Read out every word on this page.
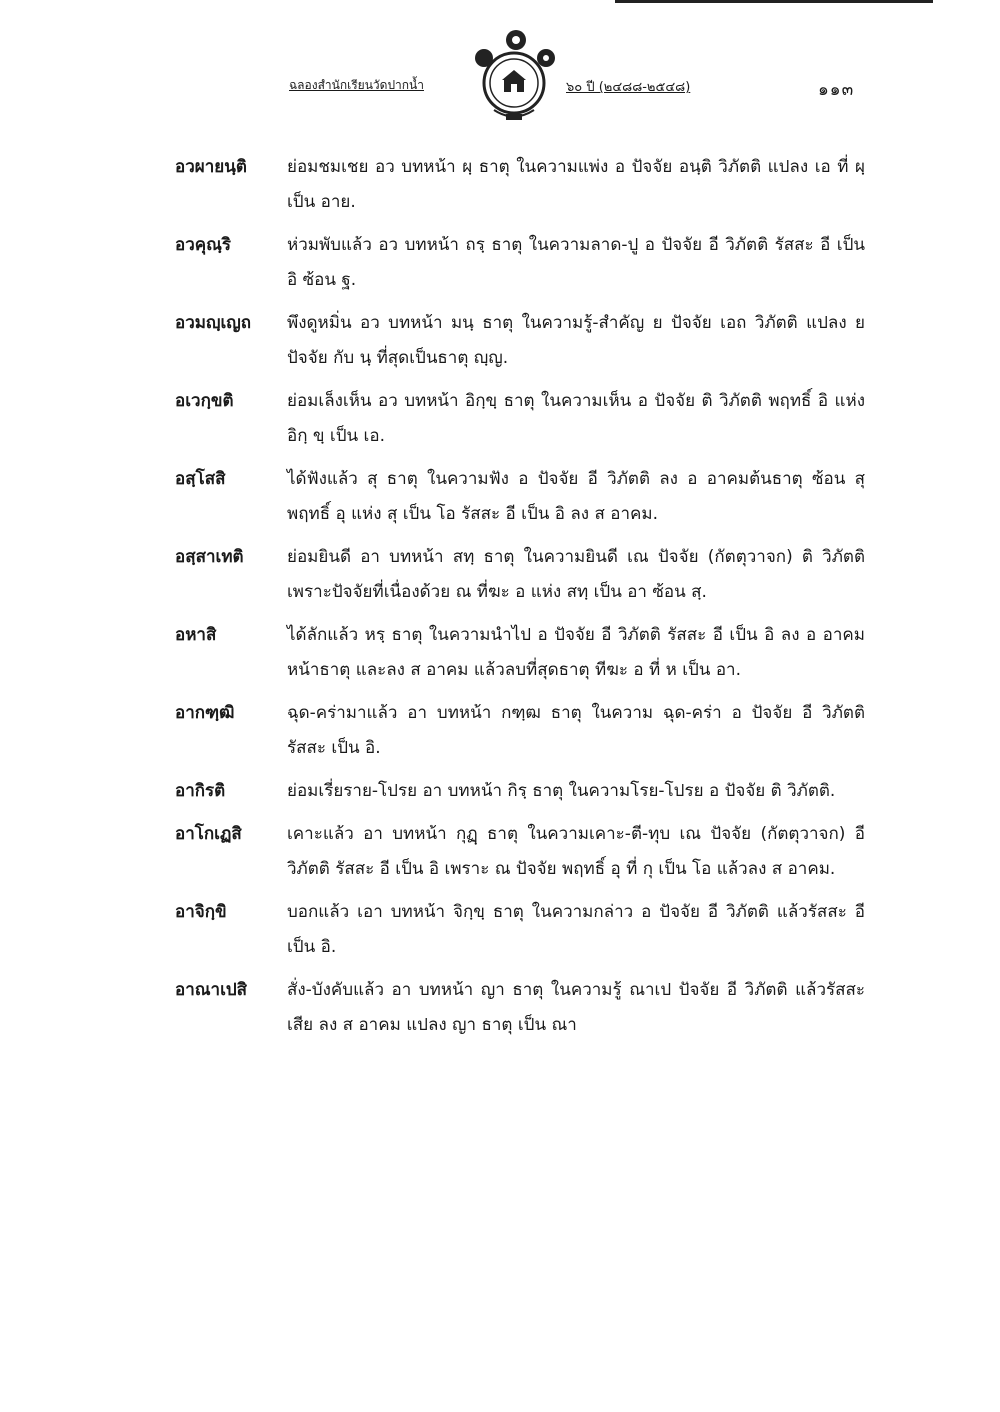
ฉลองสำนักเรียนวัดปากน้ำ	๖๐ ปี (๒๔๘๘-๒๕๔๘)	๑๑๓
อวผายนฺติ	ย่อมชมเชย อว บทหน้า ผฺ ธาตุ ในความแพ่ง อ ปัจจัย อนฺติ วิภัตติ แปลง เอ ที่ ผฺ เป็น อาย.
อวคุณฺริ	ห่วมพับแล้ว อว บทหน้า ถรฺ ธาตุ ในความลาด-ปู อ ปัจจัย อี วิภัตติ รัสสะ อี เป็น อิ ซ้อน ฐ.
อวมญฺเญถ	พึงดูหมิ่น อว บทหน้า มนฺ ธาตุ ในความรู้-สำคัญ ย ปัจจัย เอถ วิภัตติ แปลง ย ปัจจัย กับ นฺ ที่สุดเป็นธาตุ ญฺญ.
อเวกฺขติ	ย่อมเล็งเห็น อว บทหน้า อิกฺขฺ ธาตุ ในความเห็น อ ปัจจัย ติ วิภัตติ พฤทธิ์ อิ แห่ง อิกฺ ขฺ เป็น เอ.
อสฺโสสิ	ได้ฟังแล้ว สุ ธาตุ ในความฟัง อ ปัจจัย อี วิภัตติ ลง อ อาคมต้นธาตุ ซ้อน สุ พฤทธิ์ อุ แห่ง สุ เป็น โอ รัสสะ อี เป็น อิ ลง ส อาคม.
อสฺสาเทติ	ย่อมยินดี อา บทหน้า สทฺ ธาตุ ในความยินดี เณ ปัจจัย (กัตตุวาจก) ติ วิภัตติ เพราะปัจจัยที่เนื่องด้วย ณ ที่ฆะ อ แห่ง สทฺ เป็น อา ซ้อน สฺ.
อหาสิ	ได้ลักแล้ว หรฺ ธาตุ ในความนำไป อ ปัจจัย อี วิภัตติ รัสสะ อี เป็น อิ ลง อ อาคมหน้าธาตุ และลง ส อาคม แล้วลบที่สุดธาตุ ทีฆะ อ ที่ ห เป็น อา.
อากฑฺฒิ	ฉุด-คร่ามาแล้ว อา บทหน้า กฑฺฒ ธาตุ ในความ ฉุด-คร่า อ ปัจจัย อี วิภัตติ รัสสะ เป็น อิ.
อากิรติ	ย่อมเรี่ยราย-โปรย อา บทหน้า กิรฺ ธาตุ ในความโรย-โปรย อ ปัจจัย ติ วิภัตติ.
อาโกเฏสิ	เคาะแล้ว อา บทหน้า กุฏฺ ธาตุ ในความเคาะ-ตี-ทุบ เณ ปัจจัย (กัตตุวาจก) อี วิภัตติ รัสสะ อี เป็น อิ เพราะ ณ ปัจจัย พฤทธิ์ อุ ที่ กุ เป็น โอ แล้วลง ส อาคม.
อาจิกฺขิ	บอกแล้ว เอา บทหน้า จิกฺขฺ ธาตุ ในความกล่าว อ ปัจจัย อี วิภัตติ แล้วรัสสะ อี เป็น อิ.
อาณาเปสิ	สั่ง-บังคับแล้ว อา บทหน้า ญา ธาตุ ในความรู้ ณาเป ปัจจัย อี วิภัตติ แล้วรัสสะเสีย ลง ส อาคม แปลง ญา ธาตุ เป็น ณา
